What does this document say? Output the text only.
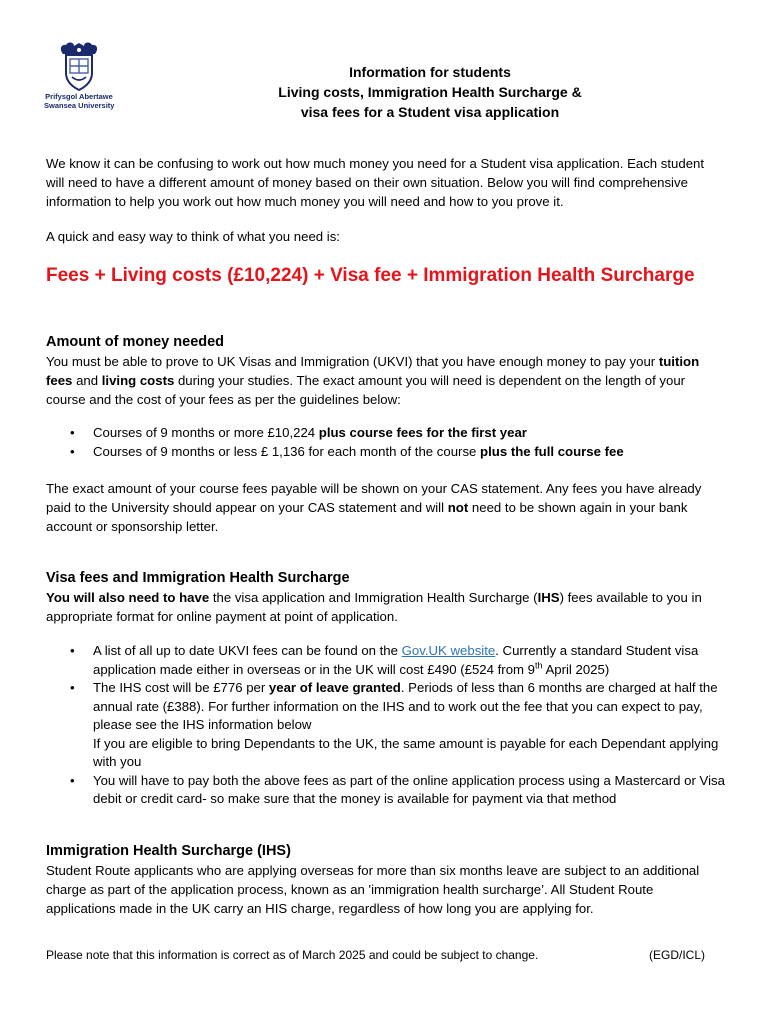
Prifysgol Abertawe
Swansea University
Information for students
Living costs, Immigration Health Surcharge &
visa fees for a Student visa application
We know it can be confusing to work out how much money you need for a Student visa application. Each student will need to have a different amount of money based on their own situation. Below you will find comprehensive information to help you work out how much money you will need and how to you prove it.
A quick and easy way to think of what you need is:
Fees + Living costs (£10,224) + Visa fee + Immigration Health Surcharge
Amount of money needed
You must be able to prove to UK Visas and Immigration (UKVI) that you have enough money to pay your tuition fees and living costs during your studies. The exact amount you will need is dependent on the length of your course and the cost of your fees as per the guidelines below:
• Courses of 9 months or more £10,224 plus course fees for the first year
• Courses of 9 months or less £ 1,136 for each month of the course plus the full course fee
The exact amount of your course fees payable will be shown on your CAS statement. Any fees you have already paid to the University should appear on your CAS statement and will not need to be shown again in your bank account or sponsorship letter.
Visa fees and Immigration Health Surcharge
You will also need to have the visa application and Immigration Health Surcharge (IHS) fees available to you in appropriate format for online payment at point of application.
• A list of all up to date UKVI fees can be found on the Gov.UK website. Currently a standard Student visa application made either in overseas or in the UK will cost £490 (£524 from 9th April 2025)
• The IHS cost will be £776 per year of leave granted. Periods of less than 6 months are charged at half the annual rate (£388). For further information on the IHS and to work out the fee that you can expect to pay, please see the IHS information below
If you are eligible to bring Dependants to the UK, the same amount is payable for each Dependant applying with you
• You will have to pay both the above fees as part of the online application process using a Mastercard or Visa debit or credit card- so make sure that the money is available for payment via that method
Immigration Health Surcharge (IHS)
Student Route applicants who are applying overseas for more than six months leave are subject to an additional charge as part of the application process, known as an 'immigration health surcharge’. All Student Route applications made in the UK carry an HIS charge, regardless of how long you are applying for.
Please note that this information is correct as of March 2025 and could be subject to change.	(EGD/ICL)
